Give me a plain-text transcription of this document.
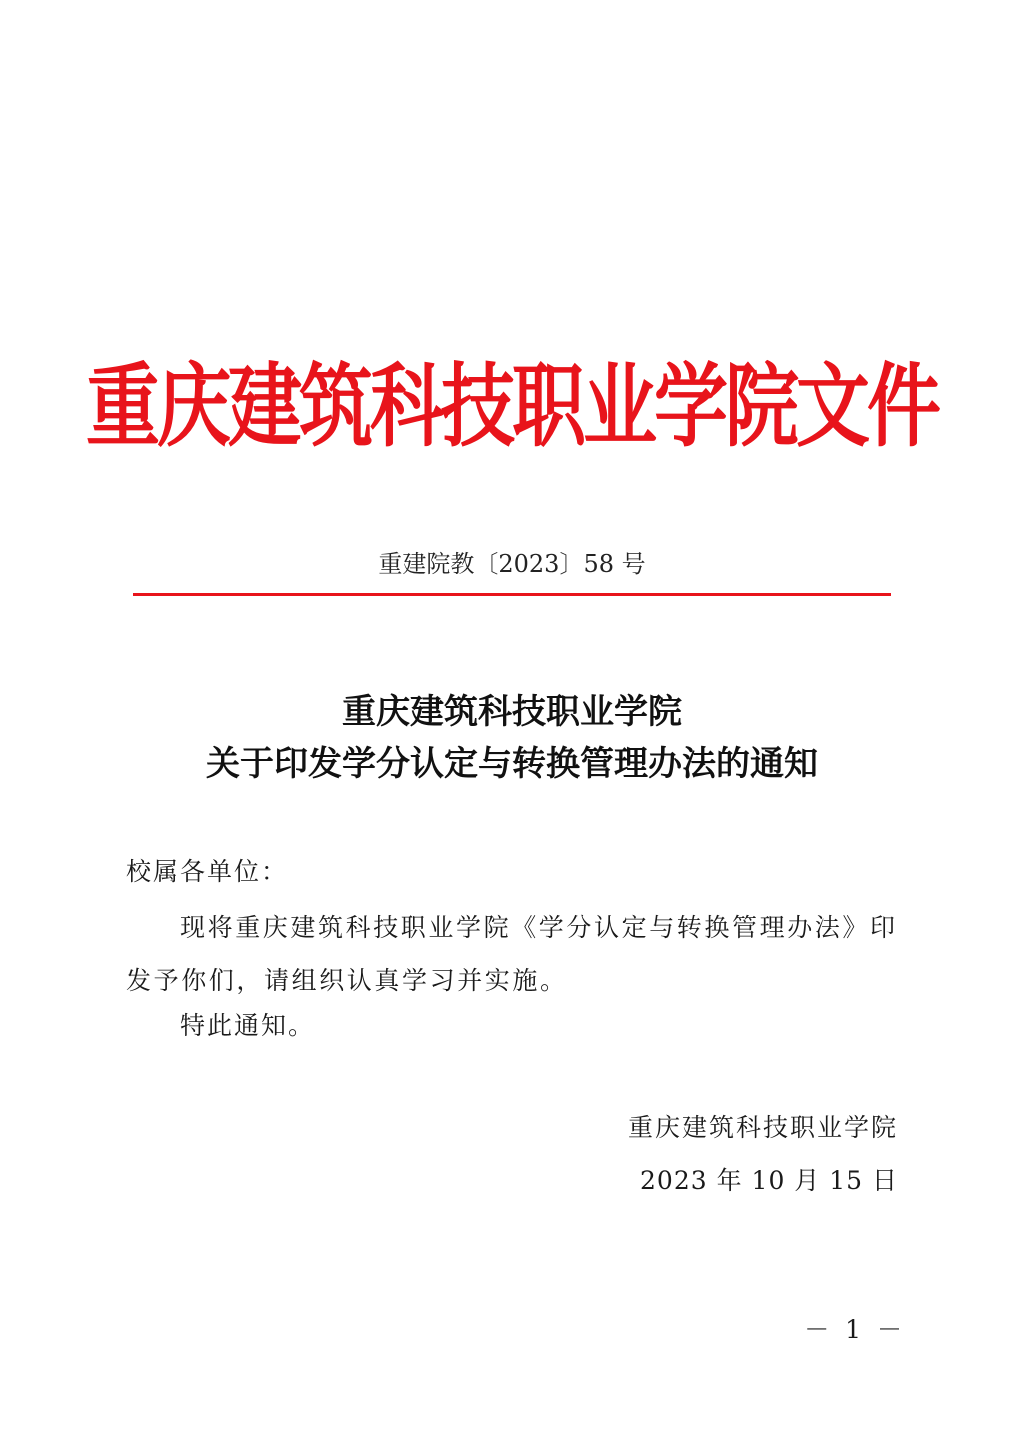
重庆建筑科技职业学院文件
重建院教〔2023〕58 号
重庆建筑科技职业学院
关于印发学分认定与转换管理办法的通知
校属各单位：

现将重庆建筑科技职业学院《学分认定与转换管理办法》印发予你们，请组织认真学习并实施。

特此通知。
重庆建筑科技职业学院
2023 年 10 月 15 日
－ 1 －
